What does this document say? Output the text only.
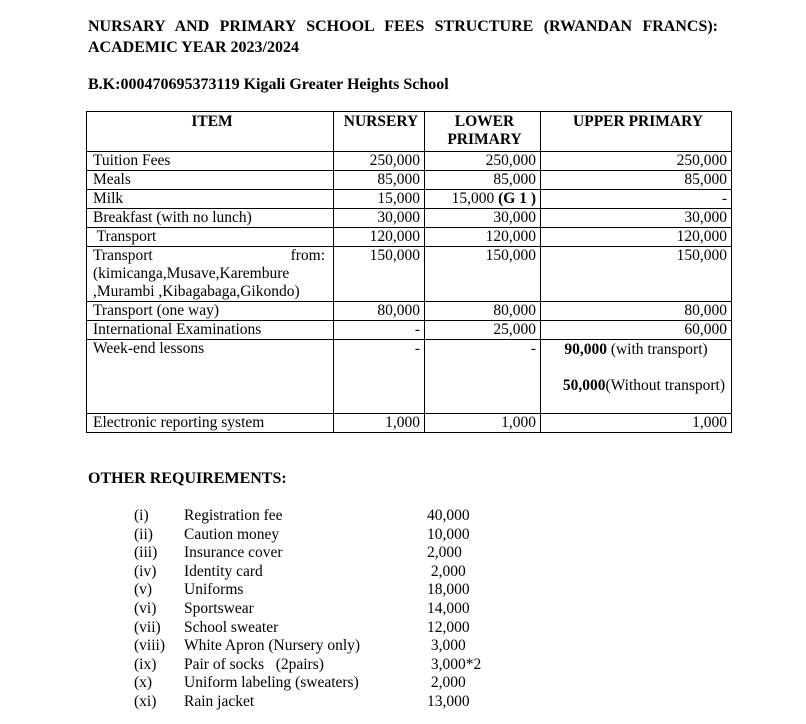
NURSARY AND PRIMARY SCHOOL FEES STRUCTURE (RWANDAN FRANCS):
ACADEMIC YEAR 2023/2024
B.K:000470695373119 Kigali Greater Heights School
ITEM	NURSERY	LOWER PRIMARY	UPPER PRIMARY
Tuition Fees	250,000	250,000	250,000
Meals	85,000	85,000	85,000
Milk	15,000	15,000 (G 1 )	-
Breakfast (with no lunch)	30,000	30,000	30,000
Transport	120,000	120,000	120,000

Transport from:
(kimicanga,Musave,Karembure ,Murambi ,Kibagabaga,Gikondo)	150,000	150,000	150,000
Transport (one way)	80,000	80,000	80,000
International Examinations	-	25,000	60,000
Week-end lessons	-	-	90,000 (with transport)
50,000(Without transport)

Electronic reporting system	1,000	1,000	1,000
OTHER REQUIREMENTS:
(i) Registration fee	40,000
(ii) Caution money	10,000
(iii) Insurance cover	2,000
(iv) Identity card	2,000
(v) Uniforms	18,000
(vi) Sportswear	14,000
(vii) School sweater	12,000
(viii) White Apron (Nursery only)	3,000
(ix) Pair of socks   (2pairs)	3,000*2
(x) Uniform labeling (sweaters)	2,000
(xi) Rain jacket	13,000
